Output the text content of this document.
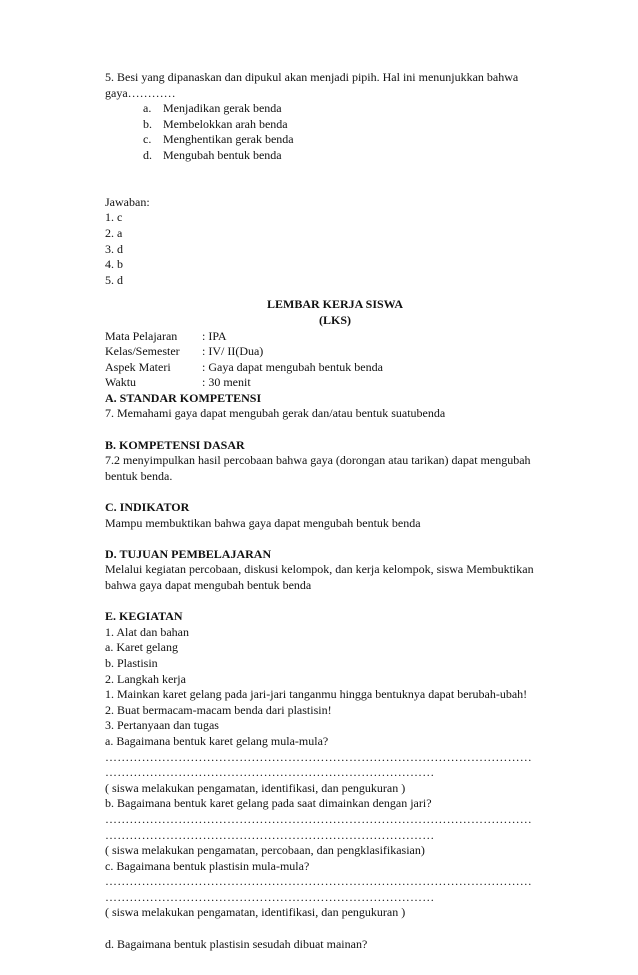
5. Besi yang dipanaskan dan dipukul akan menjadi pipih. Hal ini menunjukkan bahwa
gaya…………
a. Menjadikan gerak benda
b. Membelokkan arah benda
c. Menghentikan gerak benda
d. Mengubah bentuk benda
Jawaban:
1. c
2. a
3. d
4. b
5. d
LEMBAR KERJA SISWA
(LKS)
Mata Pelajaran	: IPA
Kelas/Semester	: IV/ II(Dua)
Aspek Materi	: Gaya dapat mengubah bentuk benda
Waktu	: 30 menit
A. STANDAR KOMPETENSI
7. Memahami gaya dapat mengubah gerak dan/atau bentuk suatubenda
B. KOMPETENSI DASAR
7.2 menyimpulkan hasil percobaan bahwa gaya (dorongan atau tarikan) dapat mengubah
bentuk benda.
C. INDIKATOR
Mampu membuktikan bahwa gaya dapat mengubah bentuk benda
D. TUJUAN PEMBELAJARAN
Melalui kegiatan percobaan, diskusi kelompok, dan kerja kelompok, siswa Membuktikan
bahwa gaya dapat mengubah bentuk benda
E. KEGIATAN
1. Alat dan bahan
a. Karet gelang
b. Plastisin
2. Langkah kerja
1. Mainkan karet gelang pada jari-jari tanganmu hingga bentuknya dapat berubah-ubah!
2. Buat bermacam-macam benda dari plastisin!
3. Pertanyaan dan tugas
a. Bagaimana bentuk karet gelang mula-mula?
……………………………………………………………………………………………
………………………………………………………………………
( siswa melakukan pengamatan, identifikasi, dan pengukuran )
b. Bagaimana bentuk karet gelang pada saat dimainkan dengan jari?
……………………………………………………………………………………………
………………………………………………………………………
( siswa melakukan pengamatan, percobaan, dan pengklasifikasian)
c. Bagaimana bentuk plastisin mula-mula?
……………………………………………………………………………………………
………………………………………………………………………
( siswa melakukan pengamatan, identifikasi, dan pengukuran )
d. Bagaimana bentuk plastisin sesudah dibuat mainan?
